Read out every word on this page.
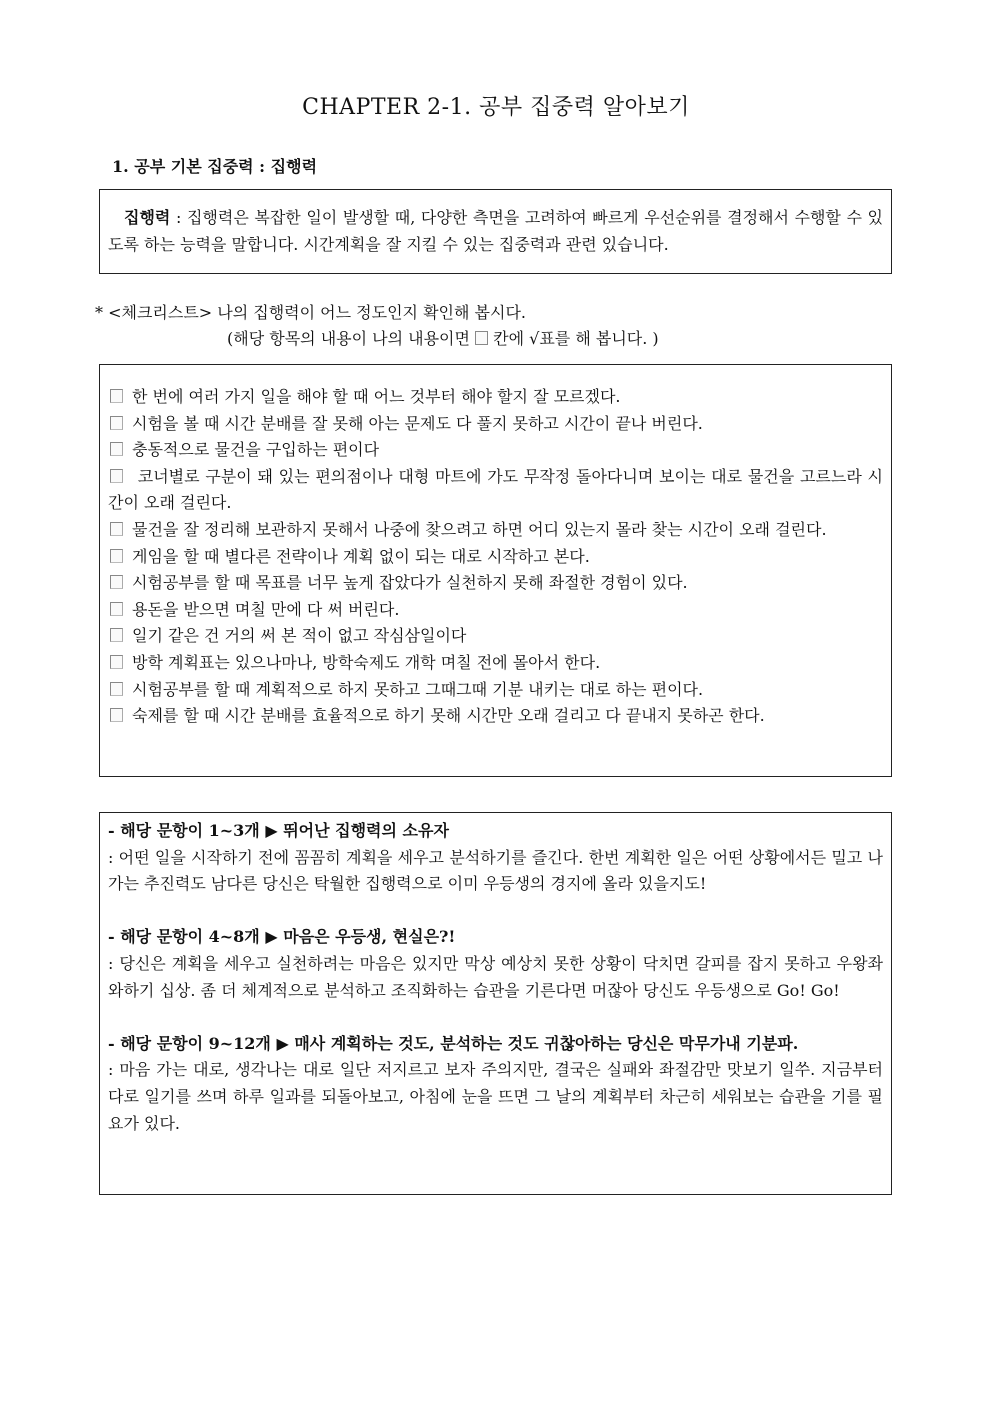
CHAPTER 2-1. 공부 집중력 알아보기
1. 공부 기본 집중력 : 집행력

집행력 : 집행력은 복잡한 일이 발생할 때, 다양한 측면을 고려하여 빠르게 우선순위를 결정해서 수행할 수 있도록 하는 능력을 말합니다. 시간계획을 잘 지킬 수 있는 집중력과 관련 있습니다.

* <체크리스트> 나의 집행력이 어느 정도인지 확인해 봅시다.
(해당 항목의 내용이 나의 내용이면  칸에 √표를 해 봅니다. )

한 번에 여러 가지 일을 해야 할 때 어느 것부터 해야 할지 잘 모르겠다.

시험을 볼 때 시간 분배를 잘 못해 아는 문제도 다 풀지 못하고 시간이 끝나 버린다.

충동적으로 물건을 구입하는 편이다

코너별로 구분이 돼 있는 편의점이나 대형 마트에 가도 무작정 돌아다니며 보이는 대로 물건을 고르느라 시간이 오래 걸린다.

물건을 잘 정리해 보관하지 못해서 나중에 찾으려고 하면 어디 있는지 몰라 찾는 시간이 오래 걸린다.

게임을 할 때 별다른 전략이나 계획 없이 되는 대로 시작하고 본다.

시험공부를 할 때 목표를 너무 높게 잡았다가 실천하지 못해 좌절한 경험이 있다.

용돈을 받으면 며칠 만에 다 써 버린다.

일기 같은 건 거의 써 본 적이 없고 작심삼일이다

방학 계획표는 있으나마나, 방학숙제도 개학 며칠 전에 몰아서 한다.

시험공부를 할 때 계획적으로 하지 못하고 그때그때 기분 내키는 대로 하는 편이다.

숙제를 할 때 시간 분배를 효율적으로 하기 못해 시간만 오래 걸리고 다 끝내지 못하곤 한다.

- 해당 문항이 1~3개 ▶ 뛰어난 집행력의 소유자

: 어떤 일을 시작하기 전에 꼼꼼히 계획을 세우고 분석하기를 즐긴다. 한번 계획한 일은 어떤 상황에서든 밀고 나가는 추진력도 남다른 당신은 탁월한 집행력으로 이미 우등생의 경지에 올라 있을지도!

- 해당 문항이 4~8개 ▶ 마음은 우등생, 현실은?!

: 당신은 계획을 세우고 실천하려는 마음은 있지만 막상 예상치 못한 상황이 닥치면 갈피를 잡지 못하고 우왕좌와하기 십상. 좀 더 체계적으로 분석하고 조직화하는 습관을 기른다면 머잖아 당신도 우등생으로 Go! Go!

- 해당 문항이 9~12개 ▶ 매사 계획하는 것도, 분석하는 것도 귀찮아하는 당신은 막무가내 기분파.

: 마음 가는 대로, 생각나는 대로 일단 저지르고 보자 주의지만, 결국은 실패와 좌절감만 맛보기 일쑤. 지금부터다로 일기를 쓰며 하루 일과를 되돌아보고, 아침에 눈을 뜨면 그 날의 계획부터 차근히 세워보는 습관을 기를 필요가 있다.
